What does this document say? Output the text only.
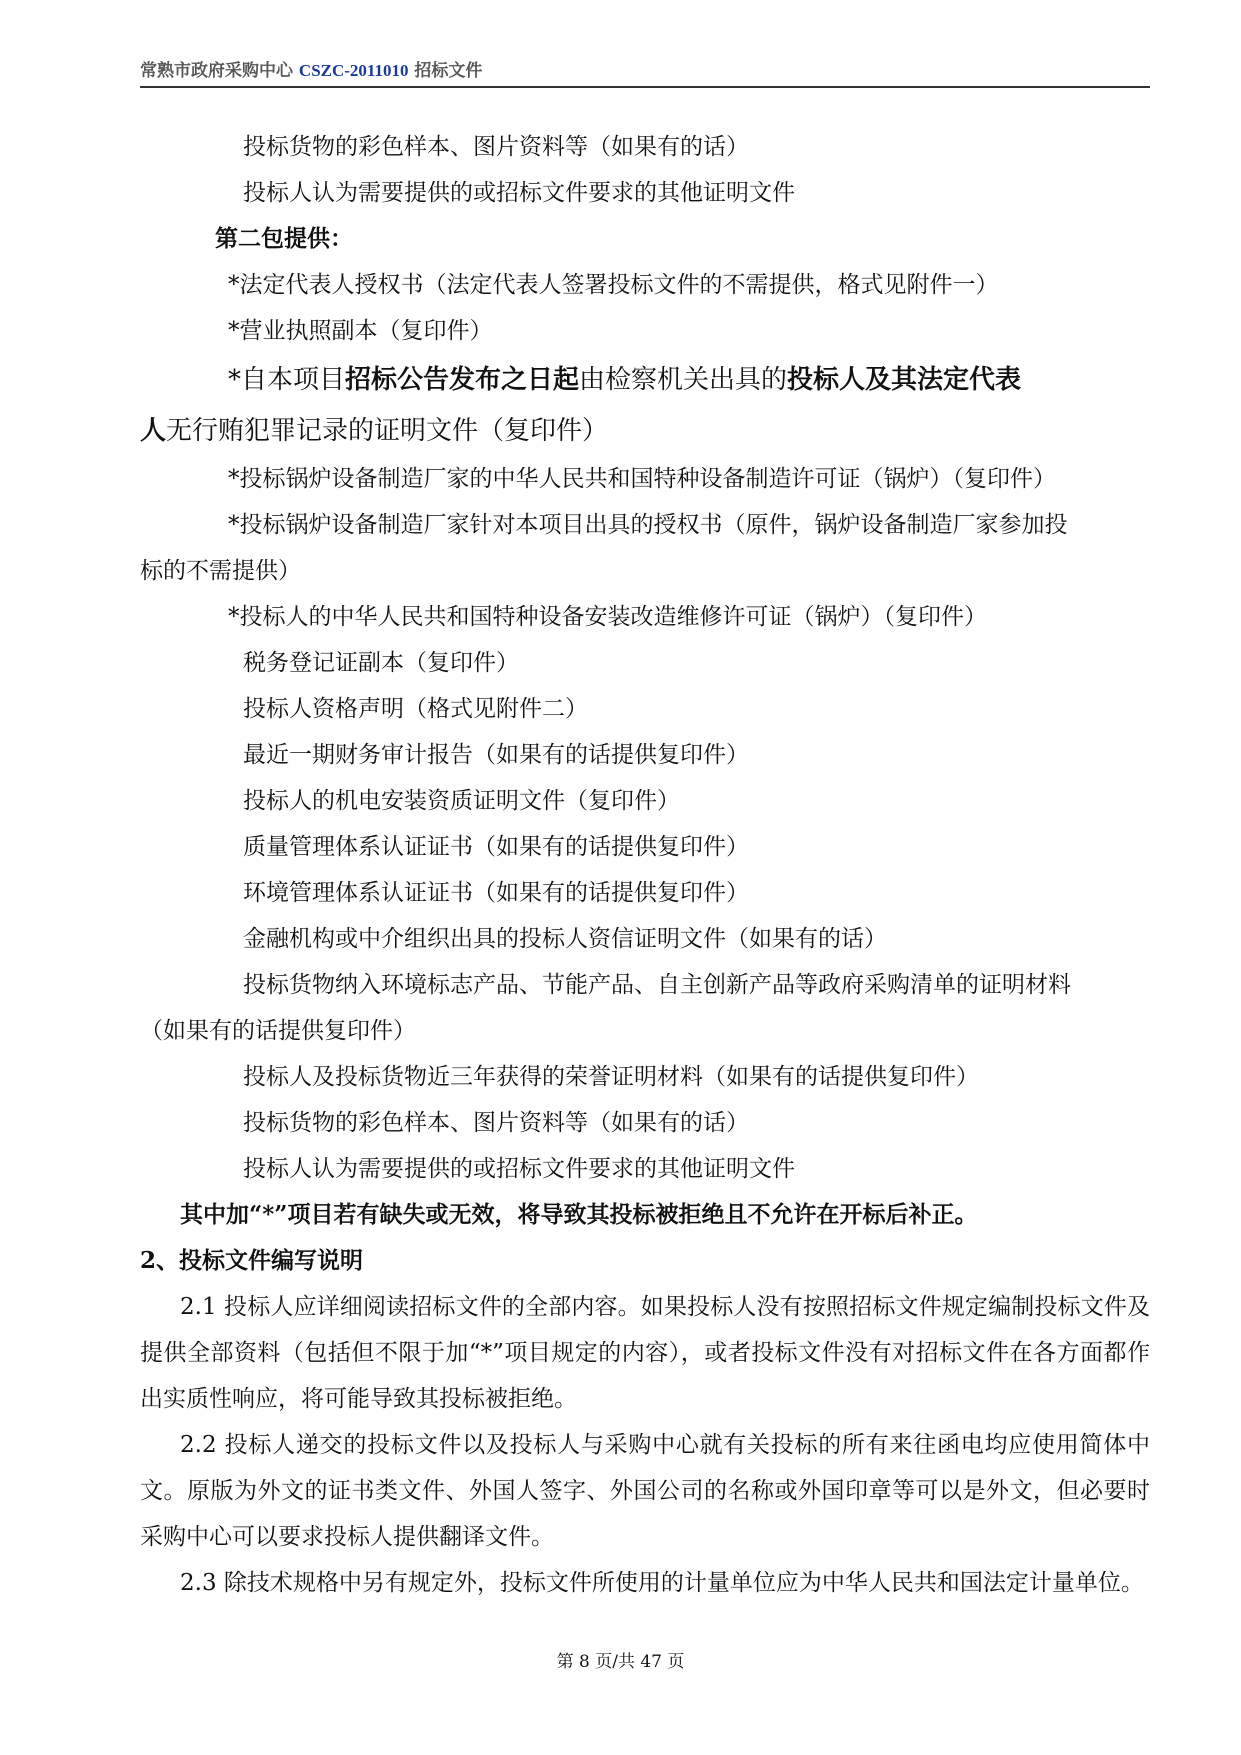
常熟市政府采购中心 CSZC-2011010 招标文件
投标货物的彩色样本、图片资料等（如果有的话）
投标人认为需要提供的或招标文件要求的其他证明文件
第二包提供：
*法定代表人授权书（法定代表人签署投标文件的不需提供，格式见附件一）
*营业执照副本（复印件）
*自本项目招标公告发布之日起由检察机关出具的投标人及其法定代表
人无行贿犯罪记录的证明文件（复印件）
*投标锅炉设备制造厂家的中华人民共和国特种设备制造许可证（锅炉）（复印件）
*投标锅炉设备制造厂家针对本项目出具的授权书（原件，锅炉设备制造厂家参加投
标的不需提供）
*投标人的中华人民共和国特种设备安装改造维修许可证（锅炉）（复印件）
税务登记证副本（复印件）
投标人资格声明（格式见附件二）
最近一期财务审计报告（如果有的话提供复印件）
投标人的机电安装资质证明文件（复印件）
质量管理体系认证证书（如果有的话提供复印件）
环境管理体系认证证书（如果有的话提供复印件）
金融机构或中介组织出具的投标人资信证明文件（如果有的话）
投标货物纳入环境标志产品、节能产品、自主创新产品等政府采购清单的证明材料
（如果有的话提供复印件）
投标人及投标货物近三年获得的荣誉证明材料（如果有的话提供复印件）
投标货物的彩色样本、图片资料等（如果有的话）
投标人认为需要提供的或招标文件要求的其他证明文件
其中加“*”项目若有缺失或无效，将导致其投标被拒绝且不允许在开标后补正。
2、投标文件编写说明
2.1 投标人应详细阅读招标文件的全部内容。如果投标人没有按照招标文件规定编制投标文件及提供全部资料（包括但不限于加“*”项目规定的内容），或者投标文件没有对招标文件在各方面都作出实质性响应，将可能导致其投标被拒绝。
2.2 投标人递交的投标文件以及投标人与采购中心就有关投标的所有来往函电均应使用简体中文。原版为外文的证书类文件、外国人签字、外国公司的名称或外国印章等可以是外文，但必要时采购中心可以要求投标人提供翻译文件。
2.3 除技术规格中另有规定外，投标文件所使用的计量单位应为中华人民共和国法定计量单位。
第 8 页/共 47 页
